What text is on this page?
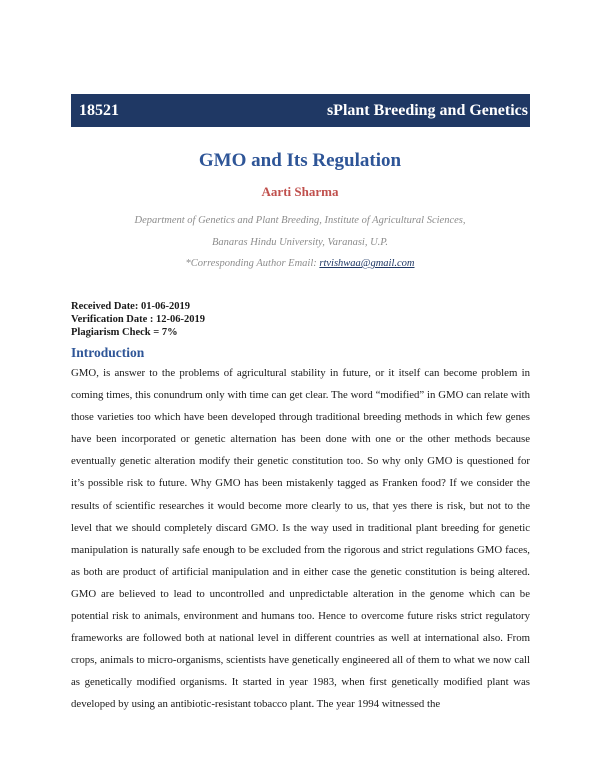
18521	sPlant Breeding and Genetics
GMO and Its Regulation
Aarti Sharma
Department of Genetics and Plant Breeding, Institute of Agricultural Sciences,
Banaras Hindu University, Varanasi, U.P.
*Corresponding Author Email: rtvishwaa@gmail.com
Received Date: 01-06-2019
Verification Date : 12-06-2019
Plagiarism Check = 7%
Introduction

GMO, is answer to the problems of agricultural stability in future, or it itself can become problem in coming times, this conundrum only with time can get clear. The word “modified” in GMO can relate with those varieties too which have been developed through traditional breeding methods in which few genes have been incorporated or genetic alternation has been done with one or the other methods because eventually genetic alteration modify their genetic constitution too. So why only GMO is questioned for it’s possible risk to future. Why GMO has been mistakenly tagged as Franken food? If we consider the results of scientific researches it would become more clearly to us, that yes there is risk, but not to the level that we should completely discard GMO. Is the way used in traditional plant breeding for genetic manipulation is naturally safe enough to be excluded from the rigorous and strict regulations GMO faces, as both are product of artificial manipulation and in either case the genetic constitution is being altered. GMO are believed to lead to uncontrolled and unpredictable alteration in the genome which can be potential risk to animals, environment and humans too. Hence to overcome future risks strict regulatory frameworks are followed both at national level in different countries as well at international also. From crops, animals to micro-organisms, scientists have genetically engineered all of them to what we now call as genetically modified organisms. It started in year 1983, when first genetically modified plant was developed by using an antibiotic-resistant tobacco plant. The year 1994 witnessed the
